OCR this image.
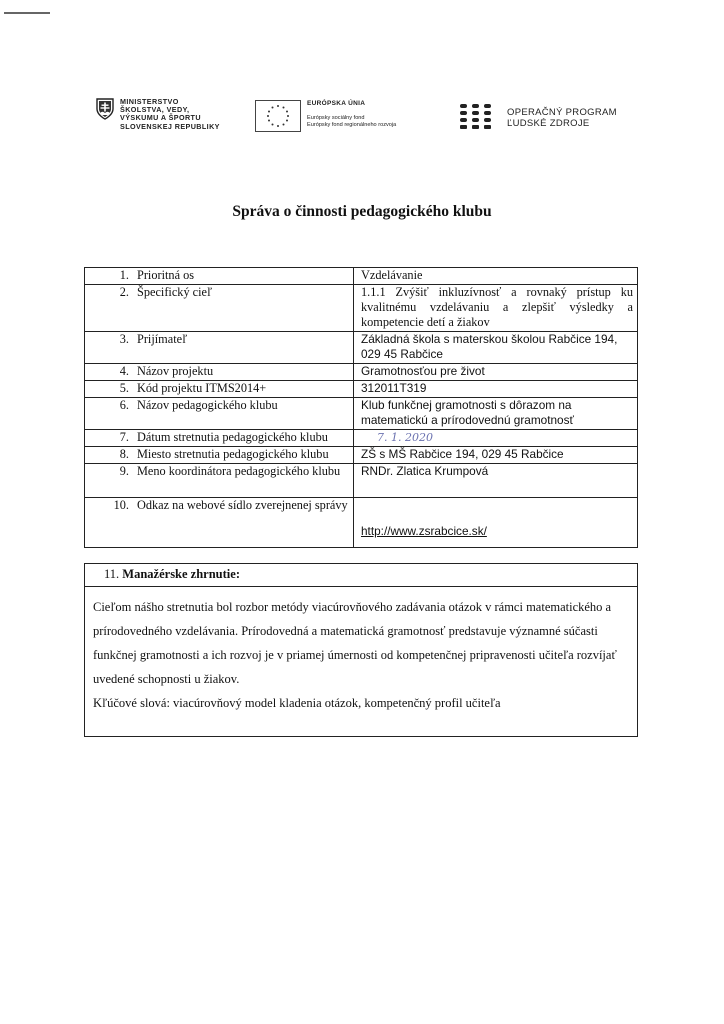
MINISTERSTVO
ŠKOLSTVA, VEDY,
VÝSKUMU A ŠPORTU
SLOVENSKEJ REPUBLIKY
EURÓPSKA ÚNIA
Európsky sociálny fond
Európsky fond regionálneho rozvoja
OPERAČNÝ PROGRAM
ĽUDSKÉ ZDROJE
Správa o činnosti pedagogického klubu
1. Prioritná os	Vzdelávanie

2. Špecifický cieľ	1.1.1 Zvýšiť inkluzívnosť a rovnaký prístup ku kvalitnému vzdelávaniu a zlepšiť výsledky a kompetencie detí a žiakov

3. Prijímateľ	Základná škola s materskou školou Rabčice 194, 029 45 Rabčice

4. Názov projektu	Gramotnosťou pre život

5. Kód projektu ITMS2014+	312011T319

6. Názov pedagogického klubu	Klub funkčnej gramotnosti s dôrazom na matematickú a prírodovednú gramotnosť

7. Dátum stretnutia pedagogického klubu	7. 1. 2020

8. Miesto stretnutia pedagogického klubu	ZŠ s MŠ Rabčice 194, 029 45 Rabčice

9. Meno koordinátora pedagogického klubu	RNDr. Zlatica Krumpová

10. Odkaz na webové sídlo zverejnenej správy	http://www.zsrabcice.sk/
11. Manažérske zhrnutie:

Cieľom nášho stretnutia bol rozbor metódy viacúrovňového zadávania otázok v rámci matematického a prírodovedného vzdelávania. Prírodovedná a matematická gramotnosť predstavuje významné súčasti funkčnej gramotnosti a ich rozvoj je v priamej úmernosti od kompetenčnej pripravenosti učiteľa rozvíjať uvedené schopnosti u žiakov.

Kľúčové slová: viacúrovňový model kladenia otázok, kompetenčný profil učiteľa
